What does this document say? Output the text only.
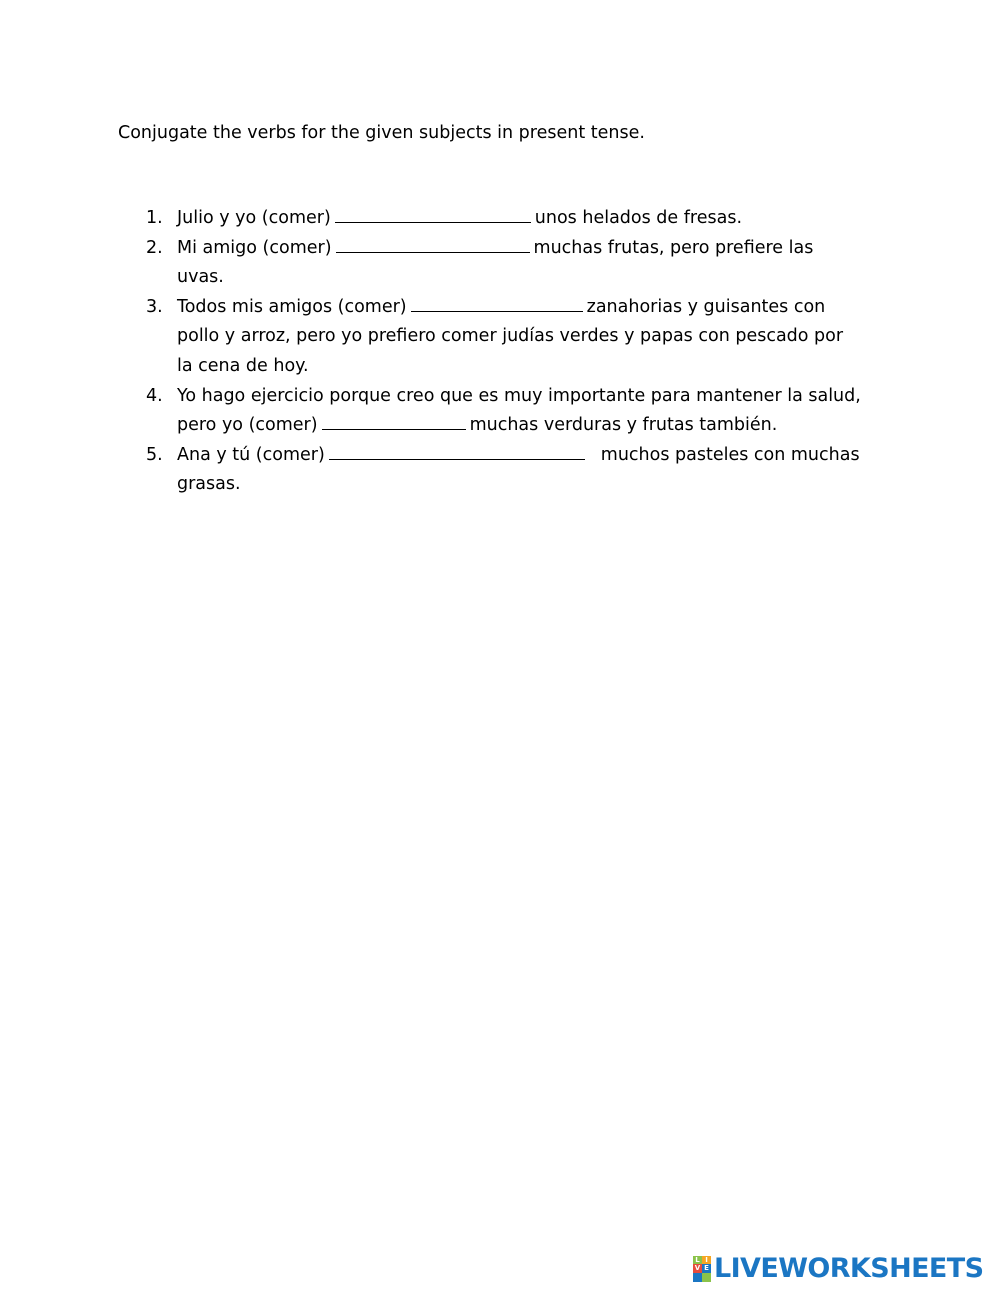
Conjugate the verbs for the given subjects in present tense.
1. Julio y yo (comer)	unos helados de fresas.
2. Mi amigo (comer)	muchas frutas, pero prefiere las
uvas.
3. Todos mis amigos (comer)	zanahorias y guisantes con
pollo y arroz, pero yo prefiero comer judías verdes y papas con pescado por
la cena de hoy.
4. Yo hago ejercicio porque creo que es muy importante para mantener la salud,
pero yo (comer)	muchas verduras y frutas también.
5. Ana y tú (comer)	muchos pasteles con muchas
grasas.
L I
V E LIVEWORKSHEETS
